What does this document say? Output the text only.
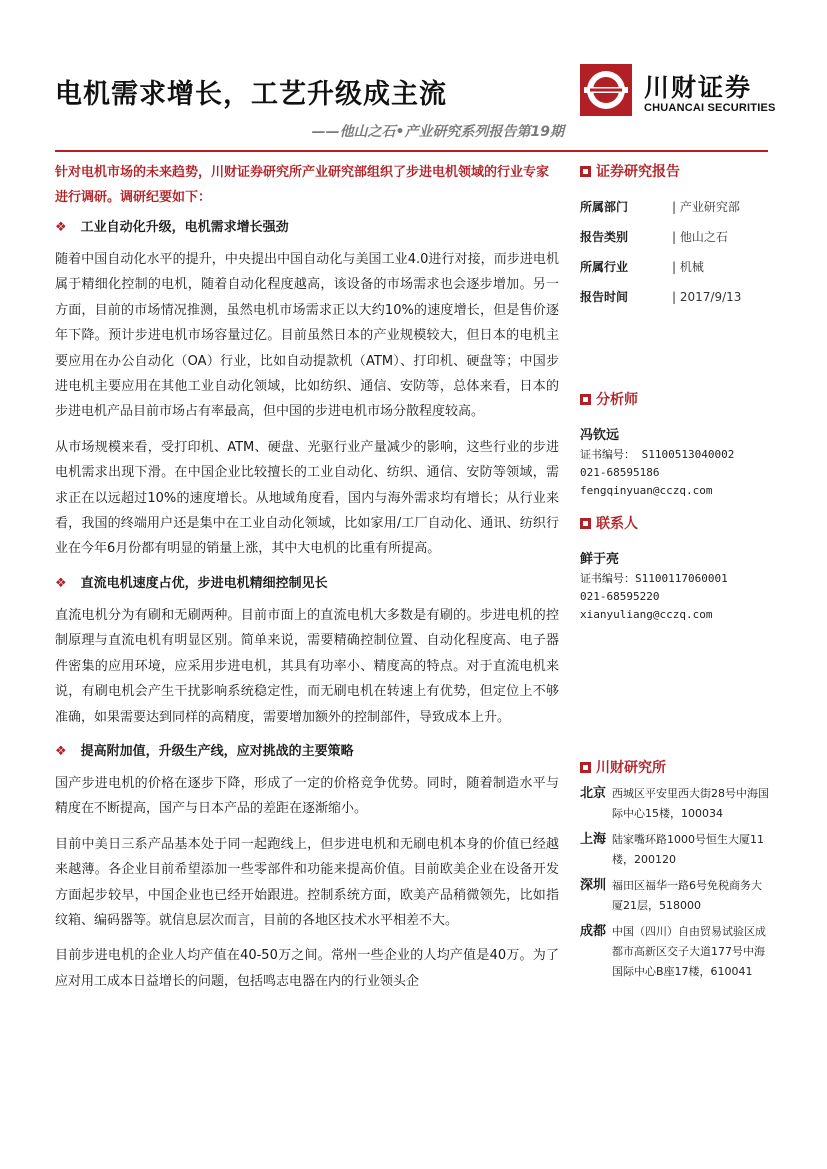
电机需求增长，工艺升级成主流
——他山之石•产业研究系列报告第19期
川财证券
CHUANCAI SECURITIES

针对电机市场的未来趋势，川财证券研究所产业研究部组织了步进电机领域的行业专家进行调研。调研纪要如下：

❖ 工业自动化升级，电机需求增长强劲

随着中国自动化水平的提升，中央提出中国自动化与美国工业4.0进行对接，而步进电机属于精细化控制的电机，随着自动化程度越高，该设备的市场需求也会逐步增加。另一方面，目前的市场情况推测，虽然电机市场需求正以大约10%的速度增长，但是售价逐年下降。预计步进电机市场容量过亿。目前虽然日本的产业规模较大，但日本的电机主要应用在办公自动化（OA）行业，比如自动提款机（ATM）、打印机、硬盘等；中国步进电机主要应用在其他工业自动化领域，比如纺织、通信、安防等，总体来看，日本的步进电机产品目前市场占有率最高，但中国的步进电机市场分散程度较高。

从市场规模来看，受打印机、ATM、硬盘、光驱行业产量减少的影响，这些行业的步进电机需求出现下滑。在中国企业比较擅长的工业自动化、纺织、通信、安防等领域，需求正在以远超过10%的速度增长。从地域角度看，国内与海外需求均有增长；从行业来看，我国的终端用户还是集中在工业自动化领域，比如家用/工厂自动化、通讯、纺织行业在今年6月份都有明显的销量上涨，其中大电机的比重有所提高。

❖ 直流电机速度占优，步进电机精细控制见长

直流电机分为有刷和无刷两种。目前市面上的直流电机大多数是有刷的。步进电机的控制原理与直流电机有明显区别。简单来说，需要精确控制位置、自动化程度高、电子器件密集的应用环境，应采用步进电机，其具有功率小、精度高的特点。对于直流电机来说，有刷电机会产生干扰影响系统稳定性，而无刷电机在转速上有优势，但定位上不够准确，如果需要达到同样的高精度，需要增加额外的控制部件，导致成本上升。

❖ 提高附加值，升级生产线，应对挑战的主要策略

国产步进电机的价格在逐步下降，形成了一定的价格竞争优势。同时，随着制造水平与精度在不断提高，国产与日本产品的差距在逐渐缩小。

目前中美日三系产品基本处于同一起跑线上，但步进电机和无刷电机本身的价值已经越来越薄。各企业目前希望添加一些零部件和功能来提高价值。目前欧美企业在设备开发方面起步较早，中国企业也已经开始跟进。控制系统方面，欧美产品稍微领先，比如指纹箱、编码器等。就信息层次而言，目前的各地区技术水平相差不大。

目前步进电机的企业人均产值在40-50万之间。常州一些企业的人均产值是40万。为了应对用工成本日益增长的问题，包括鸣志电器在内的行业领头企

证券研究报告
所属部门	| 产业研究部
报告类别	| 他山之石
所属行业	| 机械
报告时间	| 2017/9/13
分析师
冯钦远
证书编号： S1100513040002
021-68595186
fengqinyuan@cczq.com
联系人
鲜于亮
证书编号：S1100117060001
021-68595220
xianyuliang@cczq.com
川财研究所
北京 西城区平安里西大街28号中海国际中心15楼，100034
上海 陆家嘴环路1000号恒生大厦11楼，200120
深圳 福田区福华一路6号免税商务大厦21层，518000
成都 中国（四川）自由贸易试验区成都市高新区交子大道177号中海国际中心B座17楼，610041
